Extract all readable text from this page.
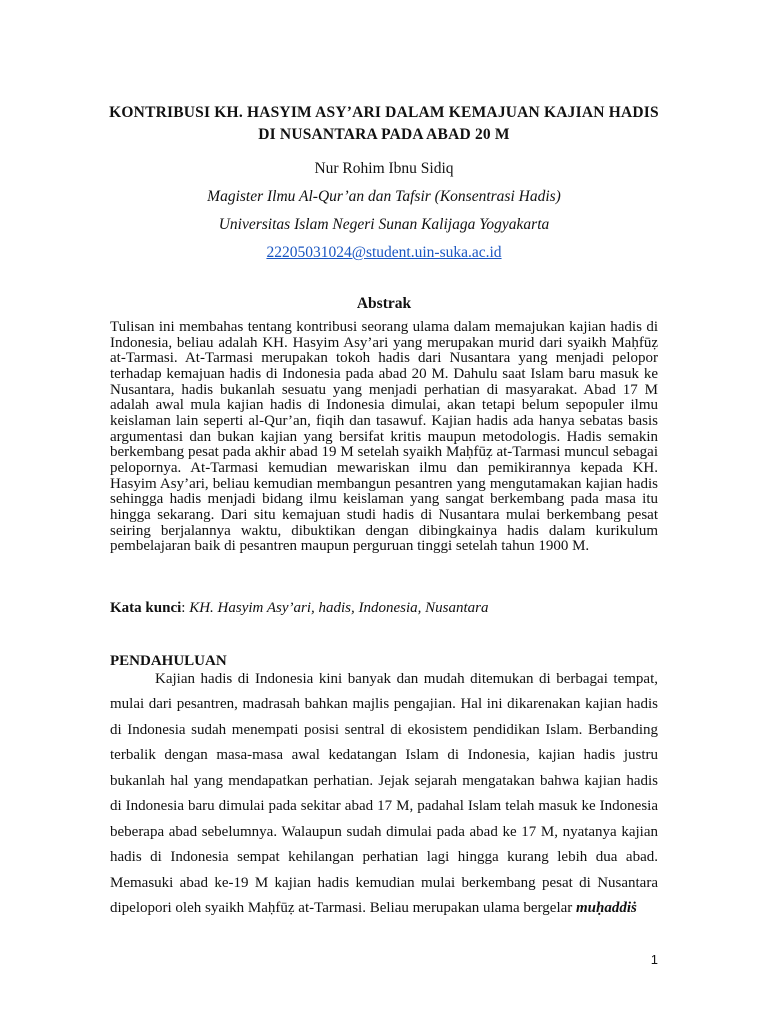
KONTRIBUSI KH. HASYIM ASY’ARI DALAM KEMAJUAN KAJIAN HADIS
DI NUSANTARA PADA ABAD 20 M
Nur Rohim Ibnu Sidiq
Magister Ilmu Al-Qur’an dan Tafsir (Konsentrasi Hadis)
Universitas Islam Negeri Sunan Kalijaga Yogyakarta
22205031024@student.uin-suka.ac.id
Abstrak

Tulisan ini membahas tentang kontribusi seorang ulama dalam memajukan kajian hadis di Indonesia, beliau adalah KH. Hasyim Asy’ari yang merupakan murid dari syaikh Maḥfūẓ at-Tarmasi. At-Tarmasi merupakan tokoh hadis dari Nusantara yang menjadi pelopor terhadap kemajuan hadis di Indonesia pada abad 20 M. Dahulu saat Islam baru masuk ke Nusantara, hadis bukanlah sesuatu yang menjadi perhatian di masyarakat. Abad 17 M adalah awal mula kajian hadis di Indonesia dimulai, akan tetapi belum sepopuler ilmu keislaman lain seperti al-Qur’an, fiqih dan tasawuf. Kajian hadis ada hanya sebatas basis argumentasi dan bukan kajian yang bersifat kritis maupun metodologis. Hadis semakin berkembang pesat pada akhir abad 19 M setelah syaikh Maḥfūẓ at-Tarmasi muncul sebagai pelopornya. At-Tarmasi kemudian mewariskan ilmu dan pemikirannya kepada KH. Hasyim Asy’ari, beliau kemudian membangun pesantren yang mengutamakan kajian hadis sehingga hadis menjadi bidang ilmu keislaman yang sangat berkembang pada masa itu hingga sekarang. Dari situ kemajuan studi hadis di Nusantara mulai berkembang pesat seiring berjalannya waktu, dibuktikan dengan dibingkainya hadis dalam kurikulum pembelajaran baik di pesantren maupun perguruan tinggi setelah tahun 1900 M.

Kata kunci: KH. Hasyim Asy’ari, hadis, Indonesia, Nusantara
PENDAHULUAN

Kajian hadis di Indonesia kini banyak dan mudah ditemukan di berbagai tempat, mulai dari pesantren, madrasah bahkan majlis pengajian. Hal ini dikarenakan kajian hadis di Indonesia sudah menempati posisi sentral di ekosistem pendidikan Islam. Berbanding terbalik dengan masa-masa awal kedatangan Islam di Indonesia, kajian hadis justru bukanlah hal yang mendapatkan perhatian. Jejak sejarah mengatakan bahwa kajian hadis di Indonesia baru dimulai pada sekitar abad 17 M, padahal Islam telah masuk ke Indonesia beberapa abad sebelumnya. Walaupun sudah dimulai pada abad ke 17 M, nyatanya kajian hadis di Indonesia sempat kehilangan perhatian lagi hingga kurang lebih dua abad. Memasuki abad ke-19 M kajian hadis kemudian mulai berkembang pesat di Nusantara dipelopori oleh syaikh Maḥfūẓ at-Tarmasi. Beliau merupakan ulama bergelar muḥaddiṡ

1
